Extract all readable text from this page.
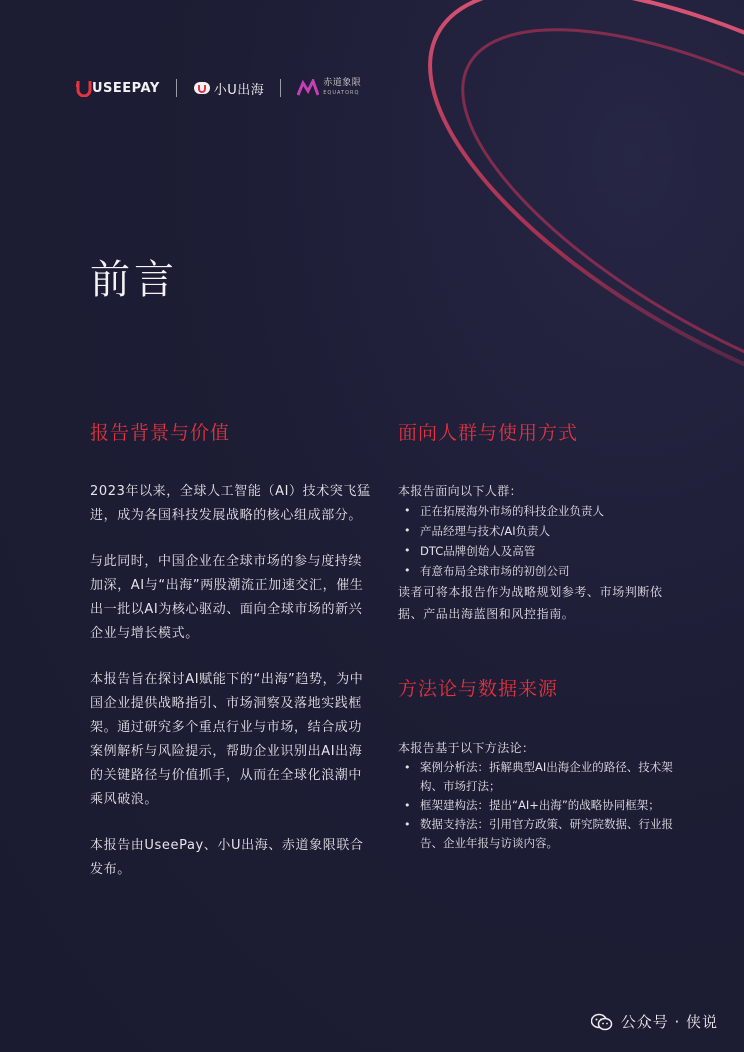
USEEPAY	小U出海	赤道象限
EQUATORQ
前言
报告背景与价值

2023年以来，全球人工智能（AI）技术突飞猛进，成为各国科技发展战略的核心组成部分。

与此同时，中国企业在全球市场的参与度持续加深，AI与“出海”两股潮流正加速交汇，催生出一批以AI为核心驱动、面向全球市场的新兴企业与增长模式。

本报告旨在探讨AI赋能下的“出海”趋势，为中国企业提供战略指引、市场洞察及落地实践框架。通过研究多个重点行业与市场，结合成功案例解析与风险提示，帮助企业识别出AI出海的关键路径与价值抓手，从而在全球化浪潮中乘风破浪。

本报告由UseePay、小U出海、赤道象限联合发布。

面向人群与使用方式

本报告面向以下人群：

• 正在拓展海外市场的科技企业负责人
• 产品经理与技术/AI负责人
• DTC品牌创始人及高管
• 有意布局全球市场的初创公司

读者可将本报告作为战略规划参考、市场判断依据、产品出海蓝图和风控指南。

方法论与数据来源

本报告基于以下方法论：

• 案例分析法：拆解典型AI出海企业的路径、技术架构、市场打法；
• 框架建构法：提出“AI+出海”的战略协同框架；
• 数据支持法：引用官方政策、研究院数据、行业报告、企业年报与访谈内容。
公众号 · 侠说
